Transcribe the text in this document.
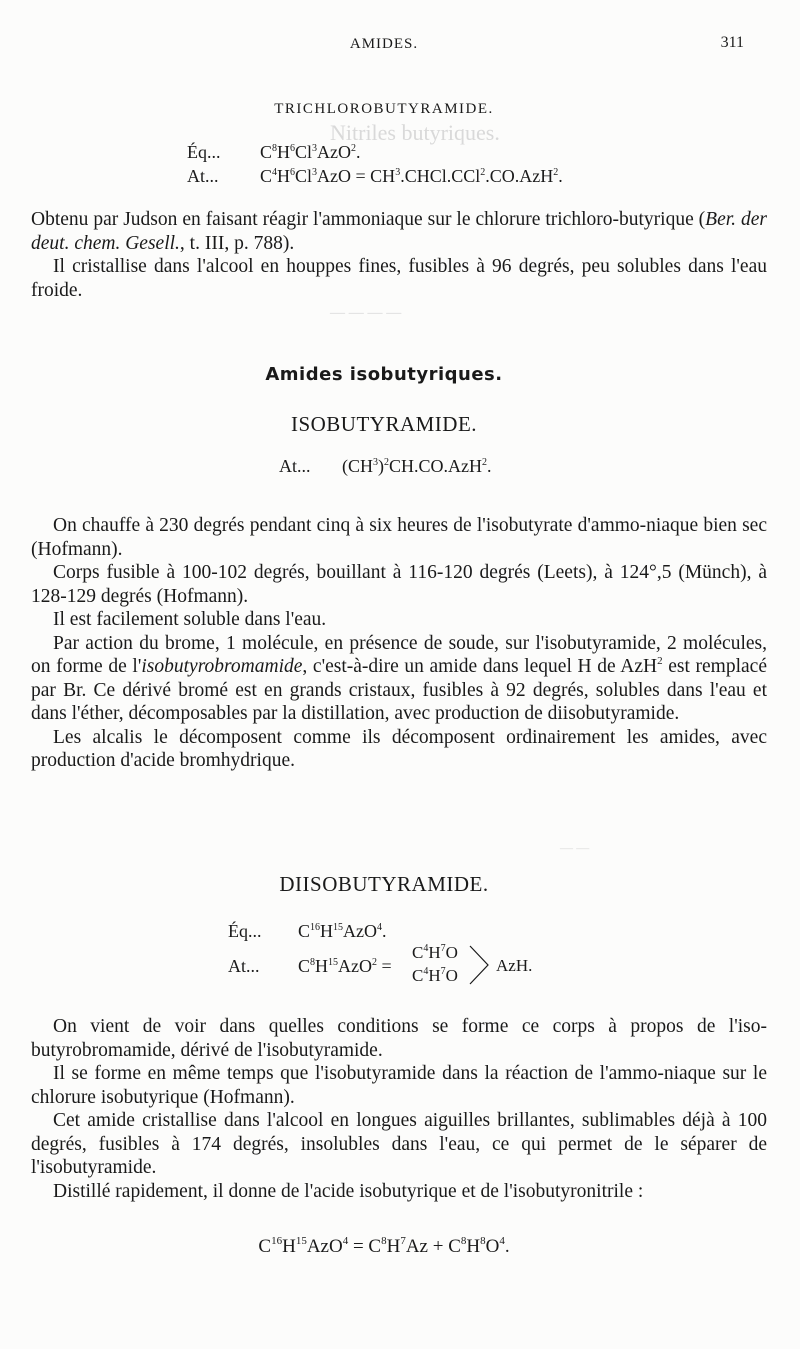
AMIDES.	311
Nitriles butyriques.
— — — —
— —
TRICHLOROBUTYRAMIDE.
Éq... $C^8H^6Cl^3AzO^2$.
At... $C^4H^6Cl^3AzO$ = $CH^3.CHCl.CCl^2.CO.AzH^2$.

Obtenu par Judson en faisant réagir l'ammoniaque sur le chlorure trichloro-butyrique (Ber. der deut. chem. Gesell., t. III, p. 788).

Il cristallise dans l'alcool en houppes fines, fusibles à 96 degrés, peu solubles dans l'eau froide.

Amides isobutyriques.
ISOBUTYRAMIDE.
At... $(CH^3)^2CH.CO.AzH^2$.

On chauffe à 230 degrés pendant cinq à six heures de l'isobutyrate d'ammo-niaque bien sec (Hofmann).

Corps fusible à 100-102 degrés, bouillant à 116-120 degrés (Leets), à 124°,5 (Münch), à 128-129 degrés (Hofmann).

Il est facilement soluble dans l'eau.

Par action du brome, 1 molécule, en présence de soude, sur l'isobutyramide, 2 molécules, on forme de l'isobutyrobromamide, c'est-à-dire un amide dans lequel H de AzH$^2$ est remplacé par Br. Ce dérivé bromé est en grands cristaux, fusibles à 92 degrés, solubles dans l'eau et dans l'éther, décomposables par la distillation, avec production de diisobutyramide.

Les alcalis le décomposent comme ils décomposent ordinairement les amides, avec production d'acide bromhydrique.

DIISOBUTYRAMIDE.
Éq... $C^{16}H^{15}AzO^4$.
At... $C^8H^{15}AzO^2$ =
$C^4H^7O$
$C^4H^7O$
AzH.

On vient de voir dans quelles conditions se forme ce corps à propos de l'iso-butyrobromamide, dérivé de l'isobutyramide.

Il se forme en même temps que l'isobutyramide dans la réaction de l'ammo-niaque sur le chlorure isobutyrique (Hofmann).

Cet amide cristallise dans l'alcool en longues aiguilles brillantes, sublimables déjà à 100 degrés, fusibles à 174 degrés, insolubles dans l'eau, ce qui permet de le séparer de l'isobutyramide.

Distillé rapidement, il donne de l'acide isobutyrique et de l'isobutyronitrile :

$C^{16}H^{15}AzO^4 = C^8H^7Az + C^8H^8O^4$.
